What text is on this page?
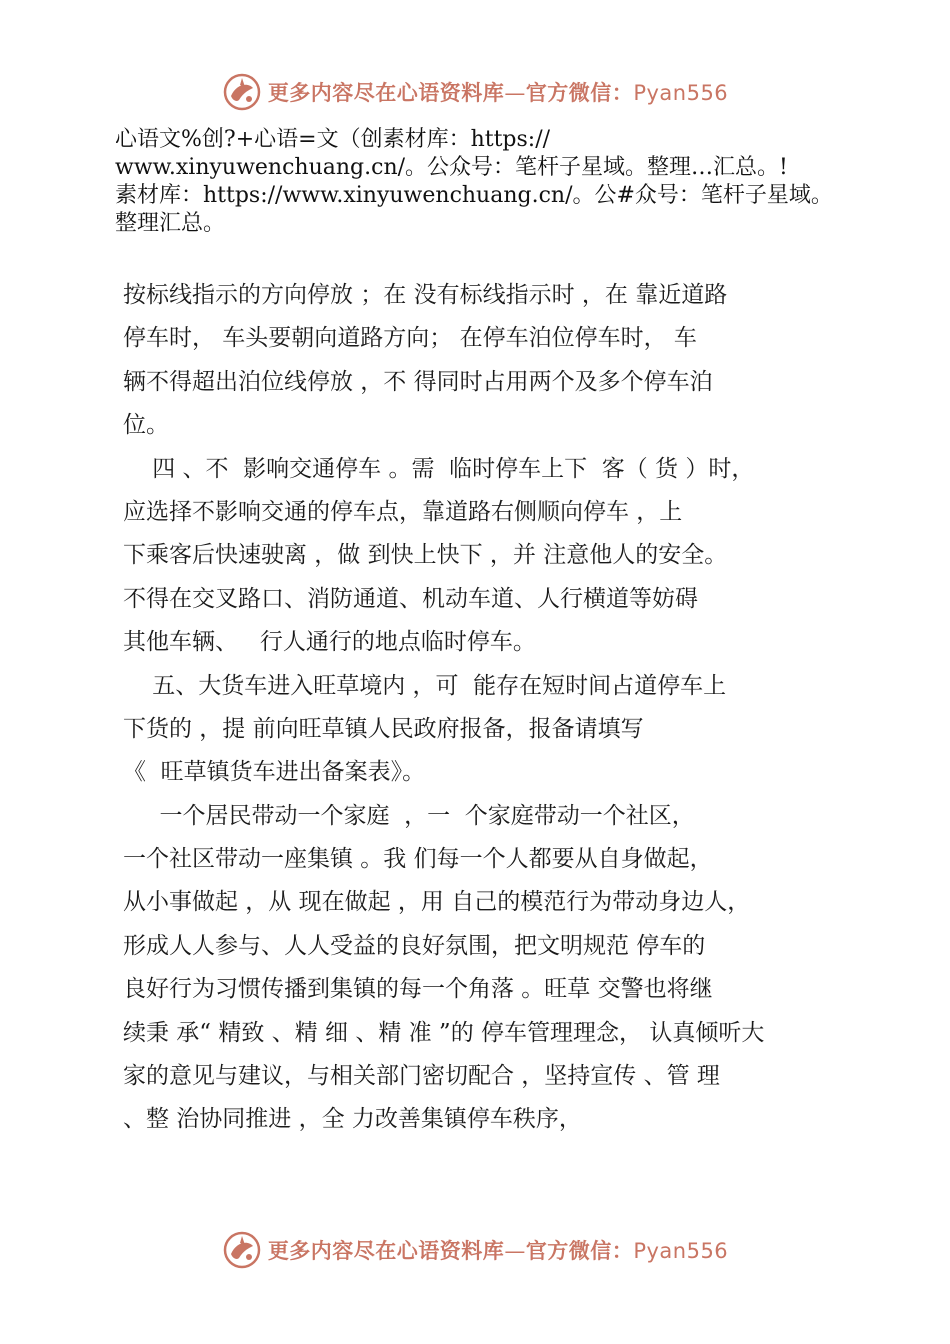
更多内容尽在心语资料库—官方微信：Pyan556
心语文%创?+心语=文（创素材库：https://
www.xinyuwenchuang.cn/。公众号：笔杆子星域。整理…汇总。!
素材库：https://www.xinyuwenchuang.cn/。公#众号：笔杆子星域。
整理汇总。
按标线指示的方向停放 ；在 没有标线指示时 ，在 靠近道路
停车时， 车头要朝向道路方向； 在停车泊位停车时， 车
辆不得超出泊位线停放 ，不 得同时占用两个及多个停车泊
位。
四 、不  影响交通停车 。需  临时停车上下  客（ 货 ）时，
应选择不影响交通的停车点，靠道路右侧顺向停车 ，上
下乘客后快速驶离 ，做 到快上快下 ，并 注意他人的安全。
不得在交叉路口、消防通道、机动车道、人行横道等妨碍
其他车辆、   行人通行的地点临时停车。
五、大货车进入旺草境内 ，可  能存在短时间占道停车上
下货的 ，提 前向旺草镇人民政府报备，报备请填写
《  旺草镇货车进出备案表》。
一个居民带动一个家庭  ，一  个家庭带动一个社区，
一个社区带动一座集镇 。我 们每一个人都要从自身做起，
从小事做起 ，从 现在做起 ，用 自己的模范行为带动身边人，
形成人人参与、人人受益的良好氛围，把文明规范 停车的
良好行为习惯传播到集镇的每一个角落 。旺草 交警也将继
续秉 承“ 精致 、精 细 、精 准 ”的 停车管理理念， 认真倾听大
家的意见与建议，与相关部门密切配合 ，坚持宣传 、管 理
、整 治协同推进 ，全 力改善集镇停车秩序，
更多内容尽在心语资料库—官方微信：Pyan556
